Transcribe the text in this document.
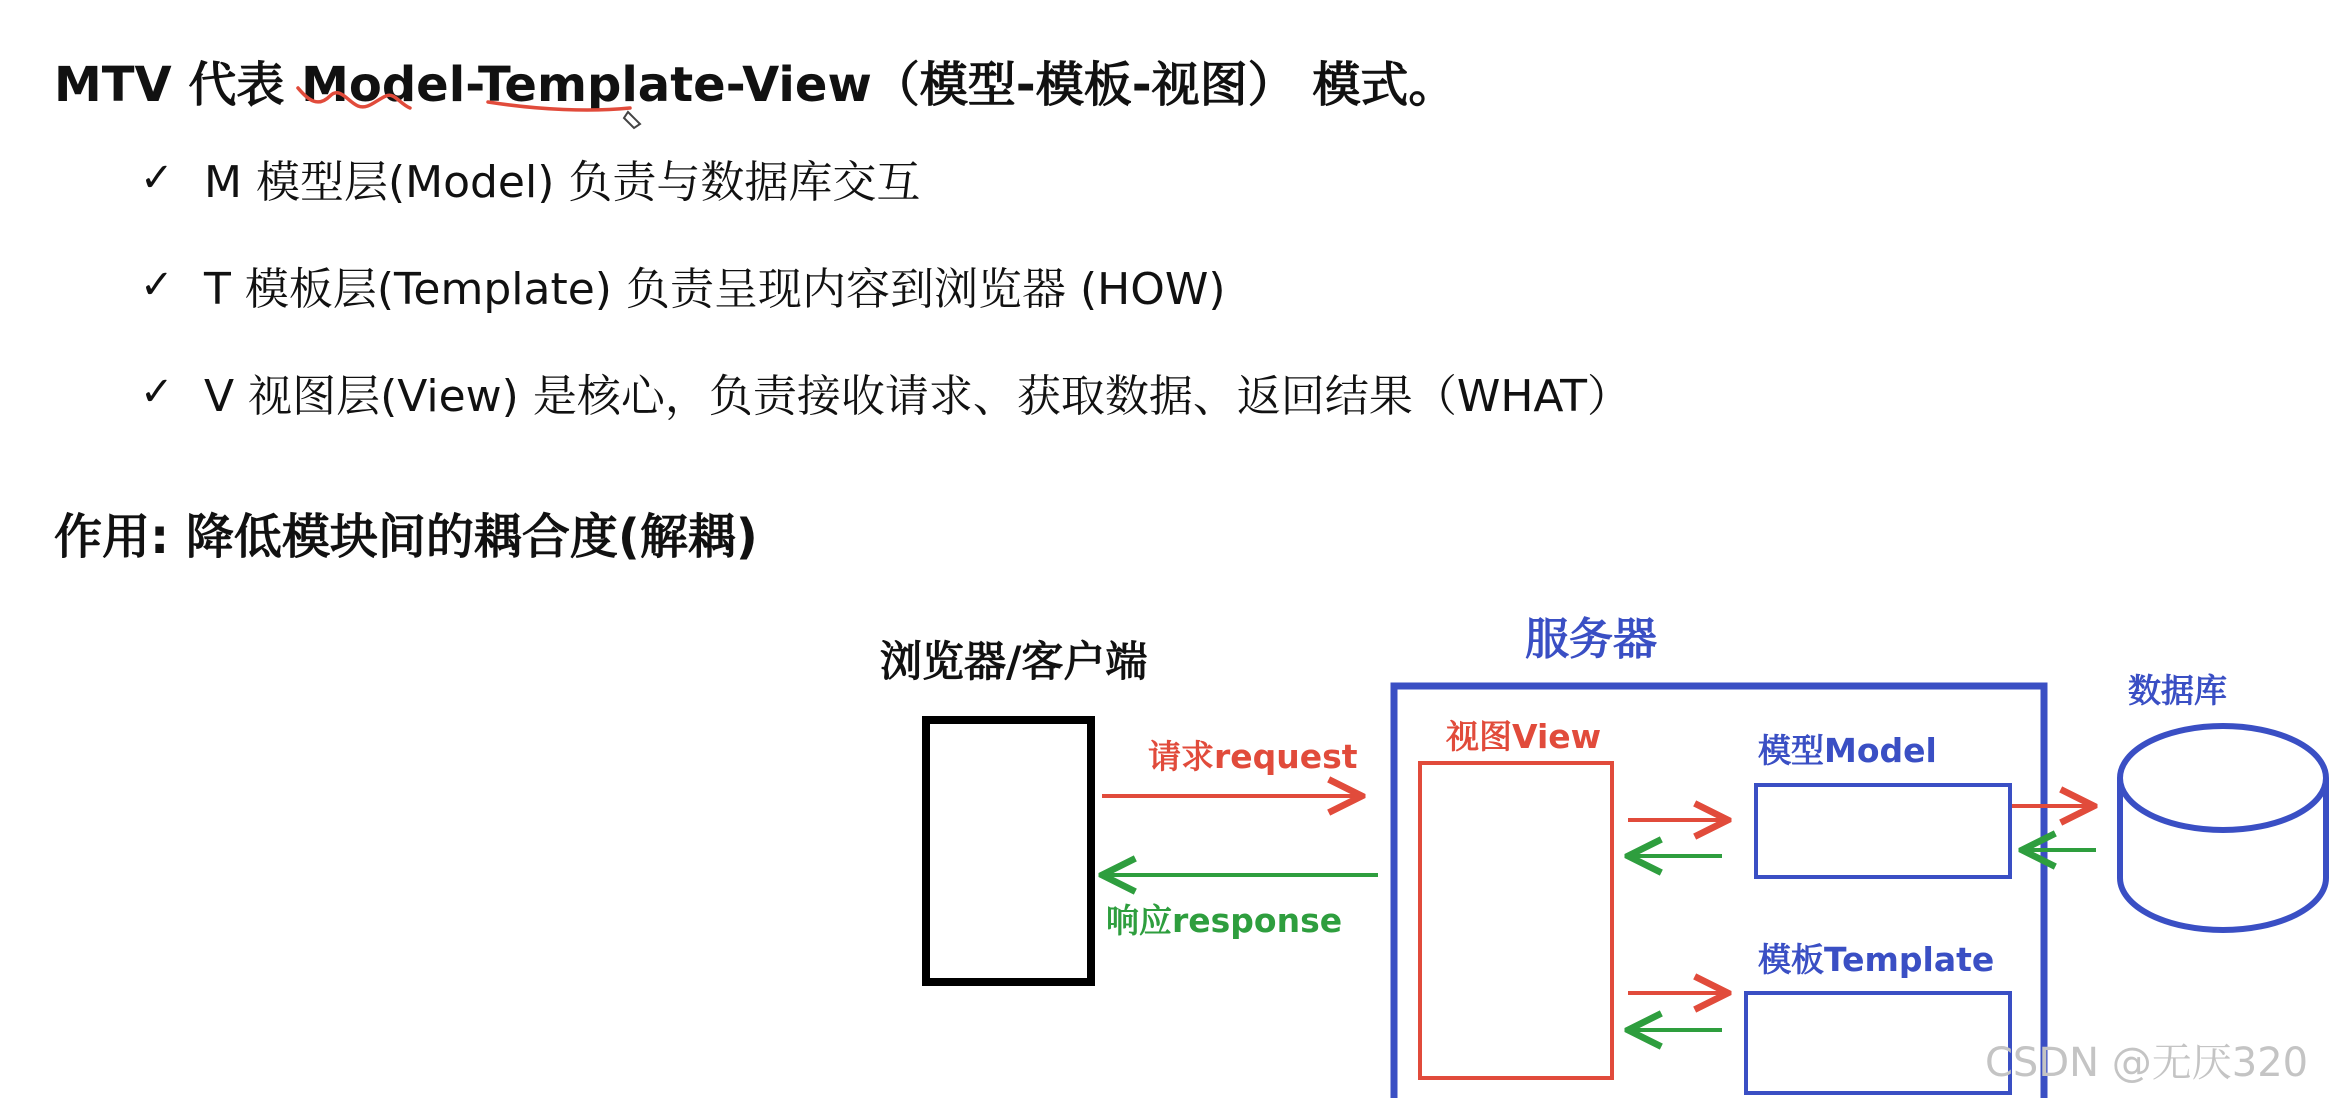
MTV 代表 Model-Template-View（模型-模板-视图） 模式。
✓ M 模型层(Model) 负责与数据库交互
✓ T 模板层(Template) 负责呈现内容到浏览器 (HOW)
✓ V 视图层(View) 是核心，负责接收请求、获取数据、返回结果（WHAT）
作用: 降低模块间的耦合度(解耦)
浏览器/客户端
请求request
响应response
服务器
视图View	模型Model
模板Template
数据库
CSDN @无厌320
